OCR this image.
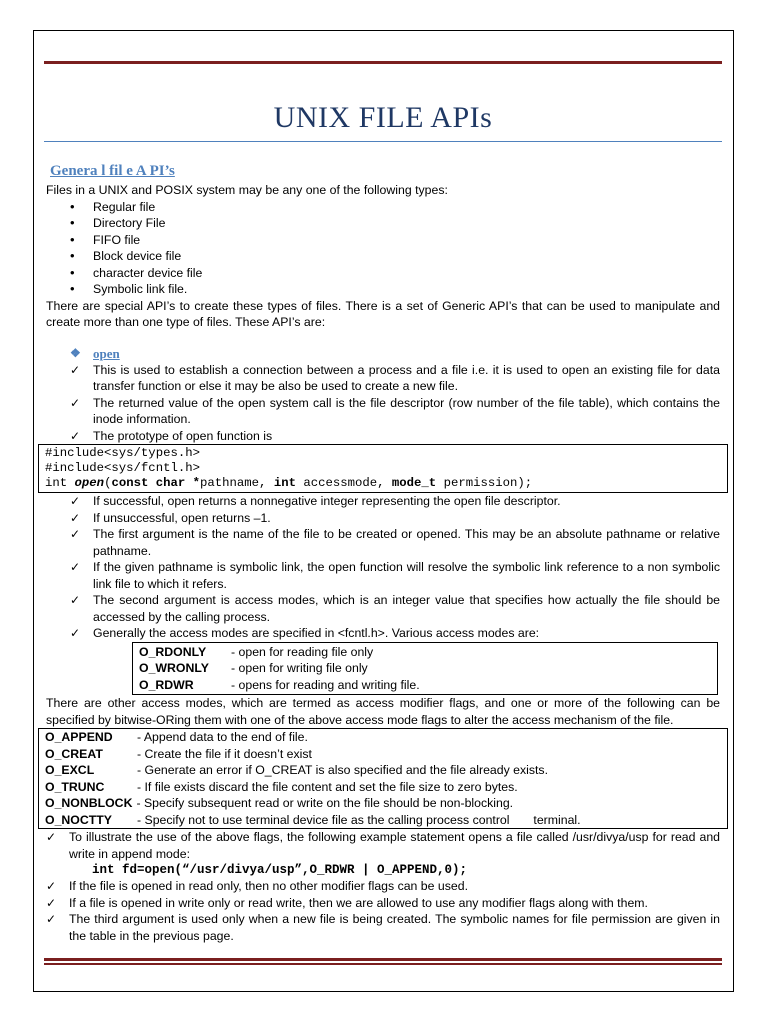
UNIX FILE APIs
Genera l fil e A PI’s

Files in a UNIX and POSIX system may be any one of the following types:

• Regular file
• Directory File
• FIFO file
• Block device file
• character device file
• Symbolic link file.

There are special API’s to create these types of files. There is a set of Generic API’s that can be used to manipulate and create more than one type of files. These API’s are:

❖ open
✓ This is used to establish a connection between a process and a file i.e. it is used to open an existing file for data transfer function or else it may be also be used to create a new file.
✓ The returned value of the open system call is the file descriptor (row number of the file table), which contains the inode information.
✓ The prototype of open function is
#include<sys/types.h>
#include<sys/fcntl.h>
int open(const char *pathname, int accessmode, mode_t permission);
✓ If successful, open returns a nonnegative integer representing the open file descriptor.
✓ If unsuccessful, open returns –1.
✓ The first argument is the name of the file to be created or opened. This may be an absolute pathname or relative pathname.
✓ If the given pathname is symbolic link, the open function will resolve the symbolic link reference to a non symbolic link file to which it refers.
✓ The second argument is access modes, which is an integer value that specifies how actually the file should be accessed by the calling process.
✓ Generally the access modes are specified in <fcntl.h>. Various access modes are:
O_RDONLY	- open for reading file only
O_WRONLY	- open for writing file only
O_RDWR	- opens for reading and writing file.

There are other access modes, which are termed as access modifier flags, and one or more of the following can be specified by bitwise-ORing them with one of the above access mode flags to alter the access mechanism of the file.

O_APPEND	- Append data to the end of file.
O_CREAT	- Create the file if it doesn’t exist
O_EXCL	- Generate an error if O_CREAT is also specified and the file already exists.
O_TRUNC	- If file exists discard the file content and set the file size to zero bytes.
O_NONBLOCK - Specify subsequent read or write on the file should be non-blocking.
O_NOCTTY	- Specify not to use terminal device file as the calling process control       terminal.
✓ To illustrate the use of the above flags, the following example statement opens a file called /usr/divya/usp for read and write in append mode:
int fd=open(“/usr/divya/usp”,O_RDWR | O_APPEND,0);
✓ If the file is opened in read only, then no other modifier flags can be used.
✓ If a file is opened in write only or read write, then we are allowed to use any modifier flags along with them.
✓ The third argument is used only when a new file is being created. The symbolic names for file permission are given in the table in the previous page.
